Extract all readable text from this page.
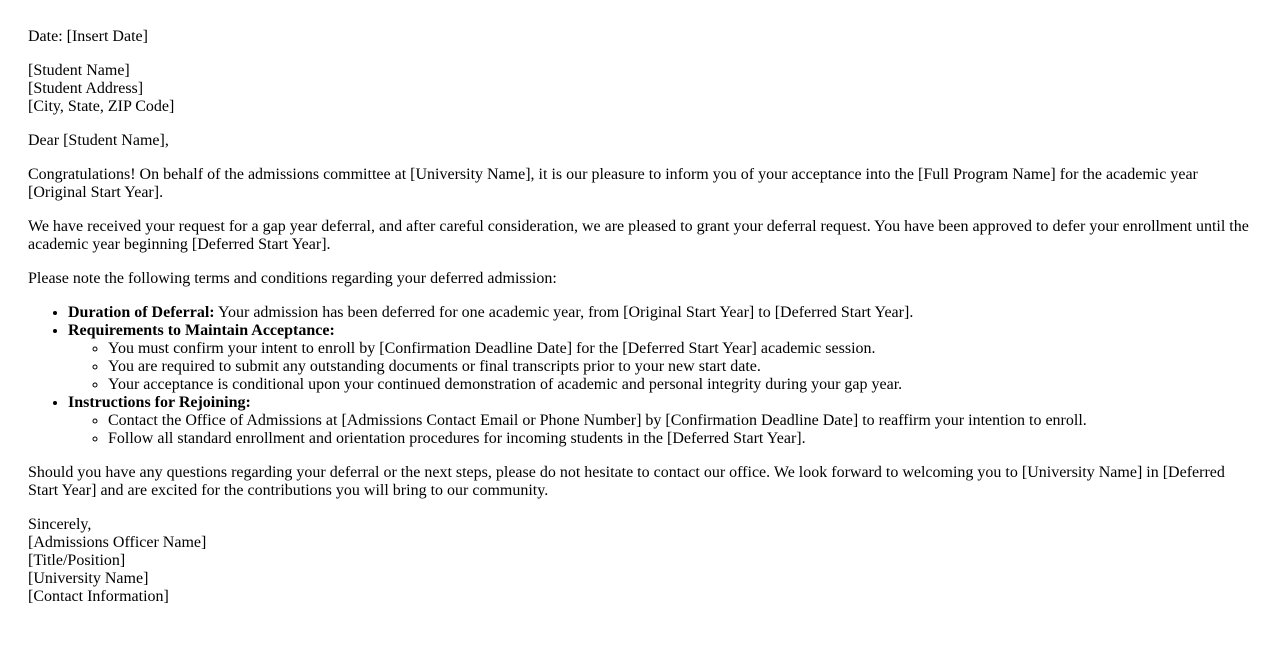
Date: [Insert Date]

[Student Name]
[Student Address]
[City, State, ZIP Code]

Dear [Student Name],

Congratulations! On behalf of the admissions committee at [University Name], it is our pleasure to inform you of your acceptance into the [Full Program Name] for the academic year [Original Start Year].

We have received your request for a gap year deferral, and after careful consideration, we are pleased to grant your deferral request. You have been approved to defer your enrollment until the academic year beginning [Deferred Start Year].

Please note the following terms and conditions regarding your deferred admission:

• Duration of Deferral: Your admission has been deferred for one academic year, from [Original Start Year] to [Deferred Start Year].
• Requirements to Maintain Acceptance:
◦ You must confirm your intent to enroll by [Confirmation Deadline Date] for the [Deferred Start Year] academic session.
◦ You are required to submit any outstanding documents or final transcripts prior to your new start date.
◦ Your acceptance is conditional upon your continued demonstration of academic and personal integrity during your gap year.
• Instructions for Rejoining:
◦ Contact the Office of Admissions at [Admissions Contact Email or Phone Number] by [Confirmation Deadline Date] to reaffirm your intention to enroll.
◦ Follow all standard enrollment and orientation procedures for incoming students in the [Deferred Start Year].

Should you have any questions regarding your deferral or the next steps, please do not hesitate to contact our office. We look forward to welcoming you to [University Name] in [Deferred Start Year] and are excited for the contributions you will bring to our community.

Sincerely,
[Admissions Officer Name]
[Title/Position]
[University Name]
[Contact Information]
